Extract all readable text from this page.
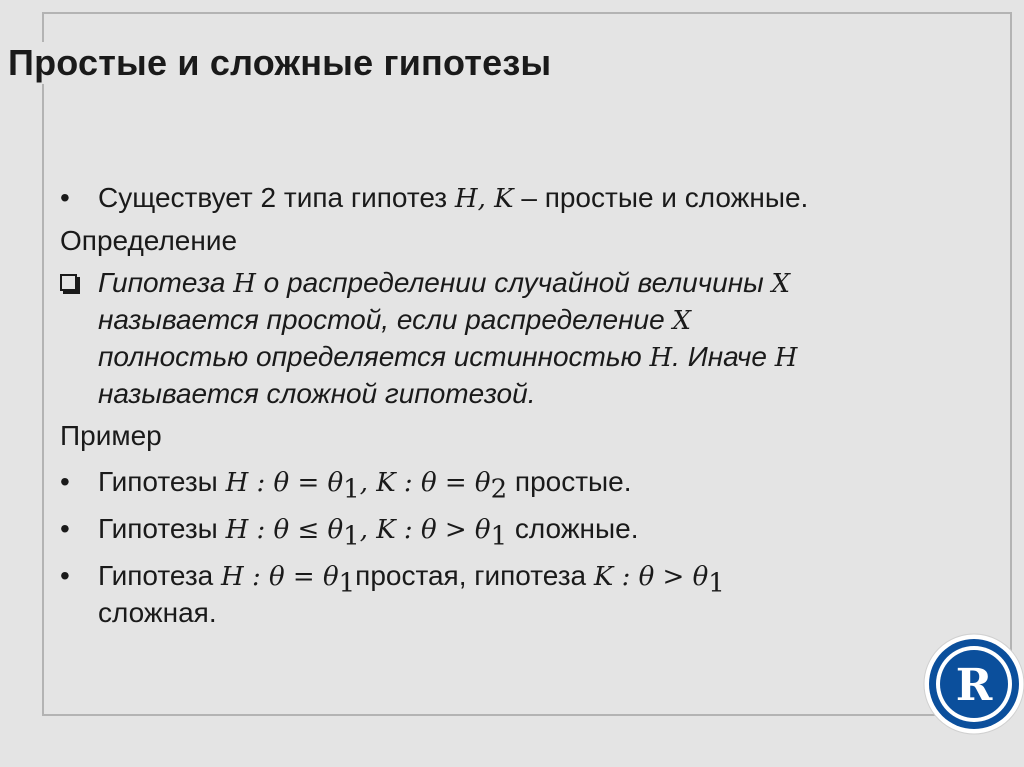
Простые и сложные гипотезы
•	Существует 2 типа гипотез H, K – простые и сложные.
Определение
Гипотеза H о распределении случайной величины X
называется простой, если распределение X
полностью определяется истинностью H. Иначе H
называется сложной гипотезой.
Пример
•	Гипотезы H : $\theta = \theta_1$, K : $\theta = \theta_2$ простые.
•	Гипотезы H : $\theta \le \theta_1$, K : $\theta > \theta_1$ сложные.
•	Гипотеза H : $\theta = \theta_1простая$, гипотеза K : $\theta > \theta_1$
сложная.
R
